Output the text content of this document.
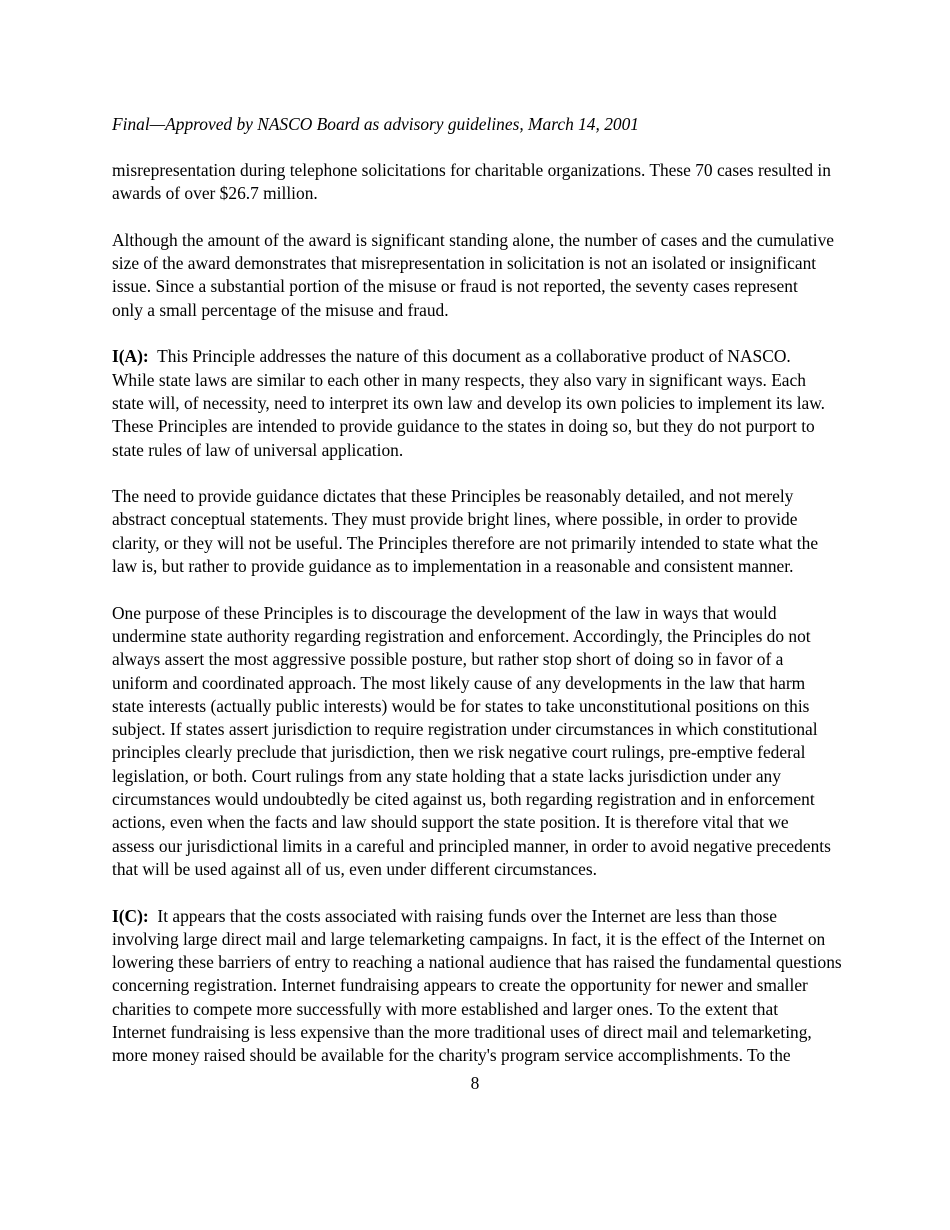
Final—Approved by NASCO Board as advisory guidelines, March 14, 2001
misrepresentation during telephone solicitations for charitable organizations. These 70 cases resulted in
awards of over $26.7 million.
Although the amount of the award is significant standing alone, the number of cases and the cumulative
size of the award demonstrates that misrepresentation in solicitation is not an isolated or insignificant
issue. Since a substantial portion of the misuse or fraud is not reported, the seventy cases represent
only a small percentage of the misuse and fraud.
I(A):  This Principle addresses the nature of this document as a collaborative product of NASCO.
While state laws are similar to each other in many respects, they also vary in significant ways. Each
state will, of necessity, need to interpret its own law and develop its own policies to implement its law.
These Principles are intended to provide guidance to the states in doing so, but they do not purport to
state rules of law of universal application.
The need to provide guidance dictates that these Principles be reasonably detailed, and not merely
abstract conceptual statements. They must provide bright lines, where possible, in order to provide
clarity, or they will not be useful. The Principles therefore are not primarily intended to state what the
law is, but rather to provide guidance as to implementation in a reasonable and consistent manner.
One purpose of these Principles is to discourage the development of the law in ways that would
undermine state authority regarding registration and enforcement. Accordingly, the Principles do not
always assert the most aggressive possible posture, but rather stop short of doing so in favor of a
uniform and coordinated approach. The most likely cause of any developments in the law that harm
state interests (actually public interests) would be for states to take unconstitutional positions on this
subject. If states assert jurisdiction to require registration under circumstances in which constitutional
principles clearly preclude that jurisdiction, then we risk negative court rulings, pre-emptive federal
legislation, or both. Court rulings from any state holding that a state lacks jurisdiction under any
circumstances would undoubtedly be cited against us, both regarding registration and in enforcement
actions, even when the facts and law should support the state position. It is therefore vital that we
assess our jurisdictional limits in a careful and principled manner, in order to avoid negative precedents
that will be used against all of us, even under different circumstances.
I(C):  It appears that the costs associated with raising funds over the Internet are less than those
involving large direct mail and large telemarketing campaigns. In fact, it is the effect of the Internet on
lowering these barriers of entry to reaching a national audience that has raised the fundamental questions
concerning registration. Internet fundraising appears to create the opportunity for newer and smaller
charities to compete more successfully with more established and larger ones. To the extent that
Internet fundraising is less expensive than the more traditional uses of direct mail and telemarketing,
more money raised should be available for the charity's program service accomplishments. To the
8
